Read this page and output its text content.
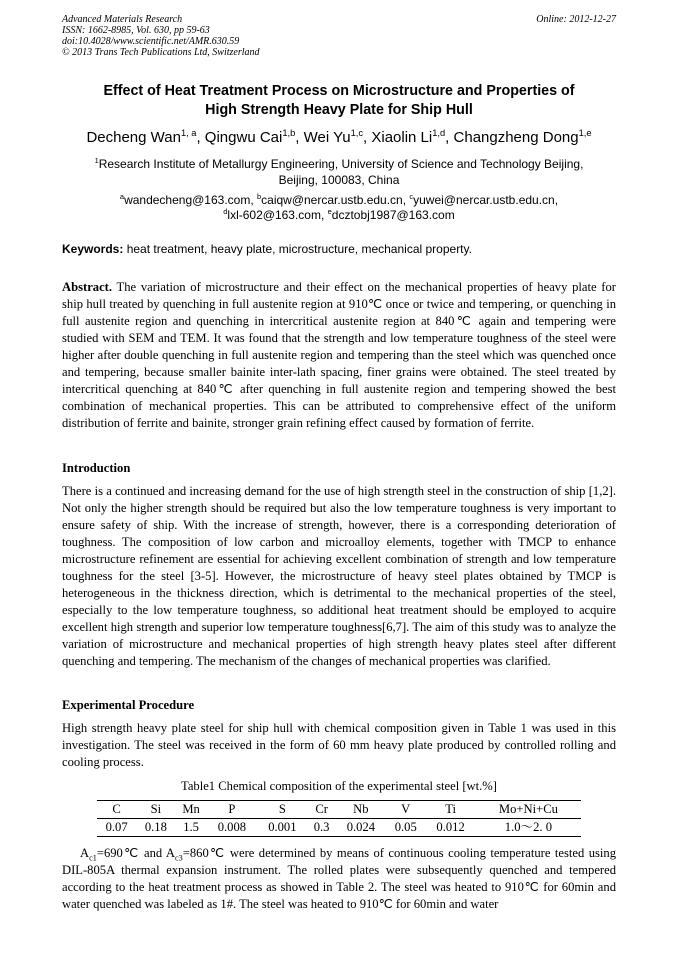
Advanced Materials Research
ISSN: 1662-8985, Vol. 630, pp 59-63
doi:10.4028/www.scientific.net/AMR.630.59
© 2013 Trans Tech Publications Ltd, Switzerland
Online: 2012-12-27
Effect of Heat Treatment Process on Microstructure and Properties of
High Strength Heavy Plate for Ship Hull
Decheng Wan$^{1, a}$, Qingwu Cai$^{1,b}$, Wei Yu$^{1,c}$, Xiaolin Li$^{1,d}$, Changzheng Dong$^{1,e}$
$^1$Research Institute of Metallurgy Engineering, University of Science and Technology Beijing,
Beijing, 100083, China
$^a$wandecheng@163.com, $^b$caiqw@nercar.ustb.edu.cn, $^c$yuwei@nercar.ustb.edu.cn,
$^d$lxl-602@163.com, $^e$dcztobj1987@163.com
Keywords: heat treatment, heavy plate, microstructure, mechanical property.
Abstract. The variation of microstructure and their effect on the mechanical properties of heavy plate for ship hull treated by quenching in full austenite region at 910℃ once or twice and tempering, or quenching in full austenite region and quenching in intercritical austenite region at 840℃ again and tempering were studied with SEM and TEM. It was found that the strength and low temperature toughness of the steel were higher after double quenching in full austenite region and tempering than the steel which was quenched once and tempering, because smaller bainite inter-lath spacing, finer grains were obtained. The steel treated by intercritical quenching at 840℃ after quenching in full austenite region and tempering showed the best combination of mechanical properties. This can be attributed to comprehensive effect of the uniform distribution of ferrite and bainite, stronger grain refining effect caused by formation of ferrite.
Introduction
There is a continued and increasing demand for the use of high strength steel in the construction of ship [1,2]. Not only the higher strength should be required but also the low temperature toughness is very important to ensure safety of ship. With the increase of strength, however, there is a corresponding deterioration of toughness. The composition of low carbon and microalloy elements, together with TMCP to enhance microstructure refinement are essential for achieving excellent combination of strength and low temperature toughness for the steel [3-5]. However, the microstructure of heavy steel plates obtained by TMCP is heterogeneous in the thickness direction, which is detrimental to the mechanical properties of the steel, especially to the low temperature toughness, so additional heat treatment should be employed to acquire excellent high strength and superior low temperature toughness[6,7]. The aim of this study was to analyze the variation of microstructure and mechanical properties of high strength heavy plates steel after different quenching and tempering. The mechanism of the changes of mechanical properties was clarified.
Experimental Procedure
High strength heavy plate steel for ship hull with chemical composition given in Table 1 was used in this investigation. The steel was received in the form of 60 mm heavy plate produced by controlled rolling and cooling process.
Table1 Chemical composition of the experimental steel [wt.%]
C	Si	Mn	P	S	Cr	Nb	V	Ti	Mo+Ni+Cu
0.07	0.18	1.5	0.008	0.001	0.3	0.024	0.05	0.012	1.0～2. 0
$A_{c1}=690℃$ and $A_{c3}=860℃$ were determined by means of continuous cooling temperature tested using DIL-805A thermal expansion instrument. The rolled plates were subsequently quenched and tempered according to the heat treatment process as showed in Table 2. The steel was heated to 910℃ for 60min and water quenched was labeled as 1#. The steel was heated to 910℃ for 60min and water
